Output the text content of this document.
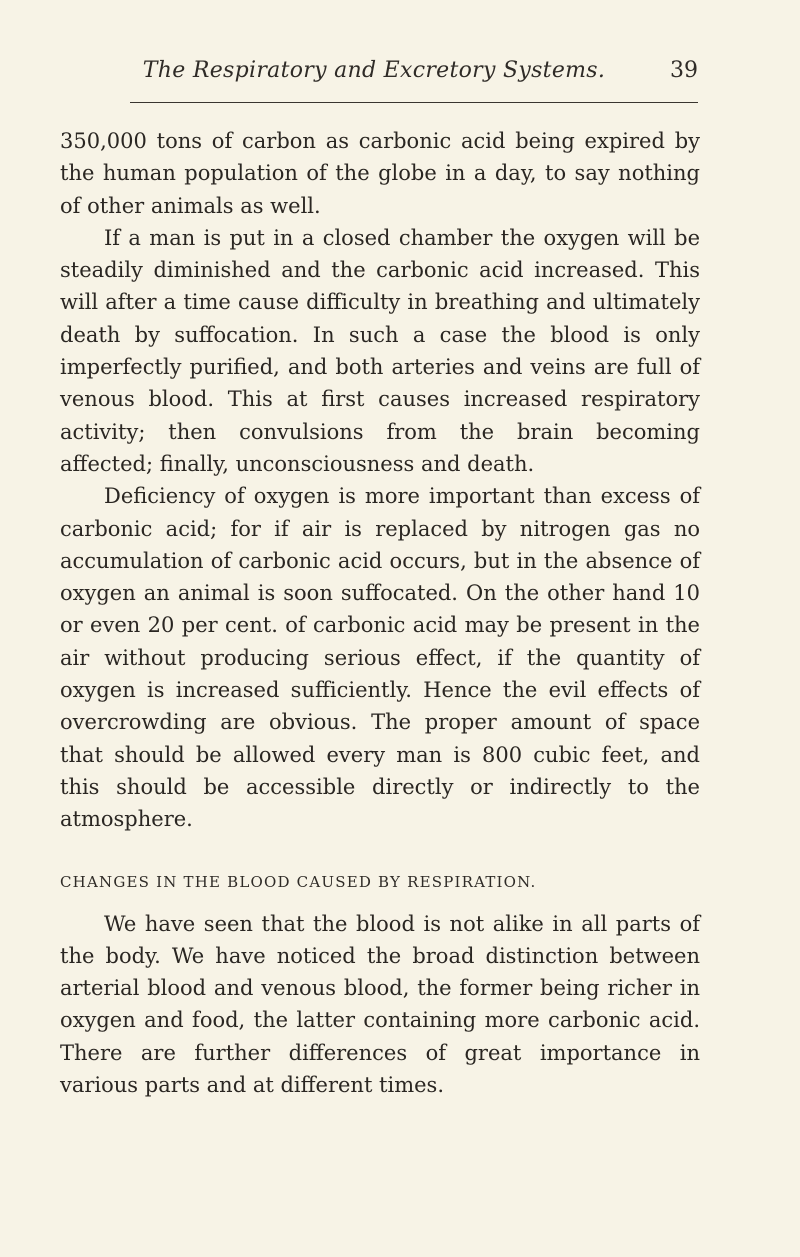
The Respiratory and Excretory Systems.	39

350,000 tons of carbon as carbonic acid being expired by the human population of the globe in a day, to say nothing of other animals as well.

If a man is put in a closed chamber the oxygen will be steadily diminished and the carbonic acid increased. This will after a time cause difficulty in breathing and ultimately death by suffocation. In such a case the blood is only imperfectly purified, and both arteries and veins are full of venous blood. This at first causes increased respiratory activity; then convulsions from the brain becoming affected; finally, unconsciousness and death.

Deficiency of oxygen is more important than excess of carbonic acid; for if air is replaced by nitrogen gas no accumulation of carbonic acid occurs, but in the absence of oxygen an animal is soon suffocated. On the other hand 10 or even 20 per cent. of carbonic acid may be present in the air without producing serious effect, if the quantity of oxygen is increased sufficiently. Hence the evil effects of overcrowding are obvious. The proper amount of space that should be allowed every man is 800 cubic feet, and this should be accessible directly or indirectly to the atmosphere.

CHANGES IN THE BLOOD CAUSED BY RESPIRATION.

We have seen that the blood is not alike in all parts of the body. We have noticed the broad distinction between arterial blood and venous blood, the former being richer in oxygen and food, the latter containing more carbonic acid. There are further differences of great importance in various parts and at different times.
